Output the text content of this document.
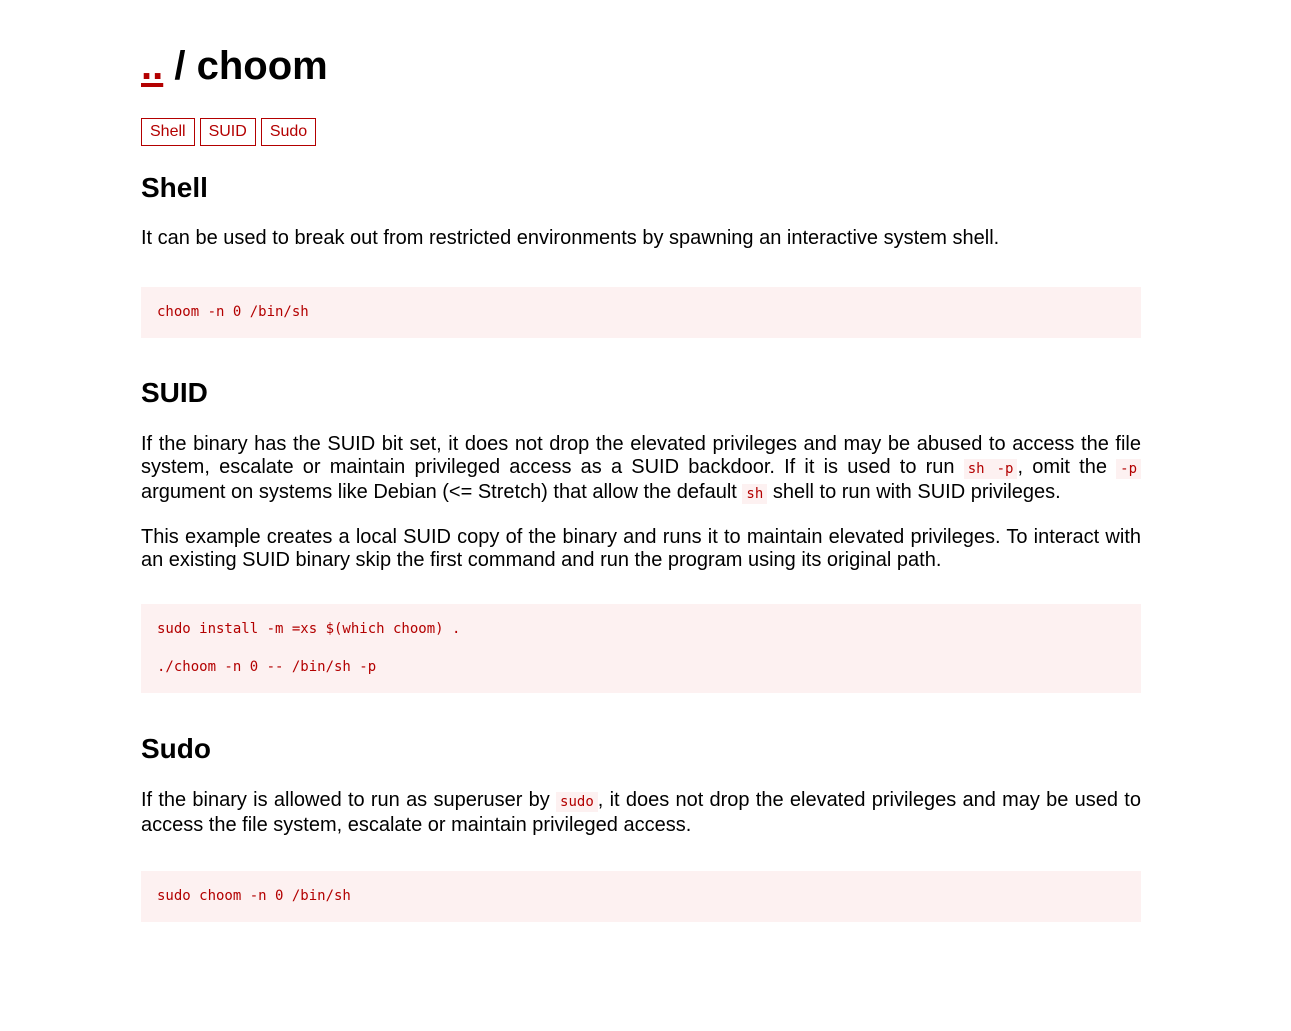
.. / choom
Shell	SUID	Sudo
Shell

It can be used to break out from restricted environments by spawning an interactive system shell.

choom -n 0 /bin/sh
SUID

If the binary has the SUID bit set, it does not drop the elevated privileges and may be abused to access the file system, escalate or maintain privileged access as a SUID backdoor. If it is used to run sh -p , omit the -p argument on systems like Debian (<= Stretch) that allow the default sh shell to run with SUID privileges.

This example creates a local SUID copy of the binary and runs it to maintain elevated privileges. To interact with an existing SUID binary skip the first command and run the program using its original path.

sudo install -m =xs $(which choom) .
./choom -n 0 -- /bin/sh -p
Sudo

If the binary is allowed to run as superuser by sudo , it does not drop the elevated privileges and may be used to access the file system, escalate or maintain privileged access.

sudo choom -n 0 /bin/sh
